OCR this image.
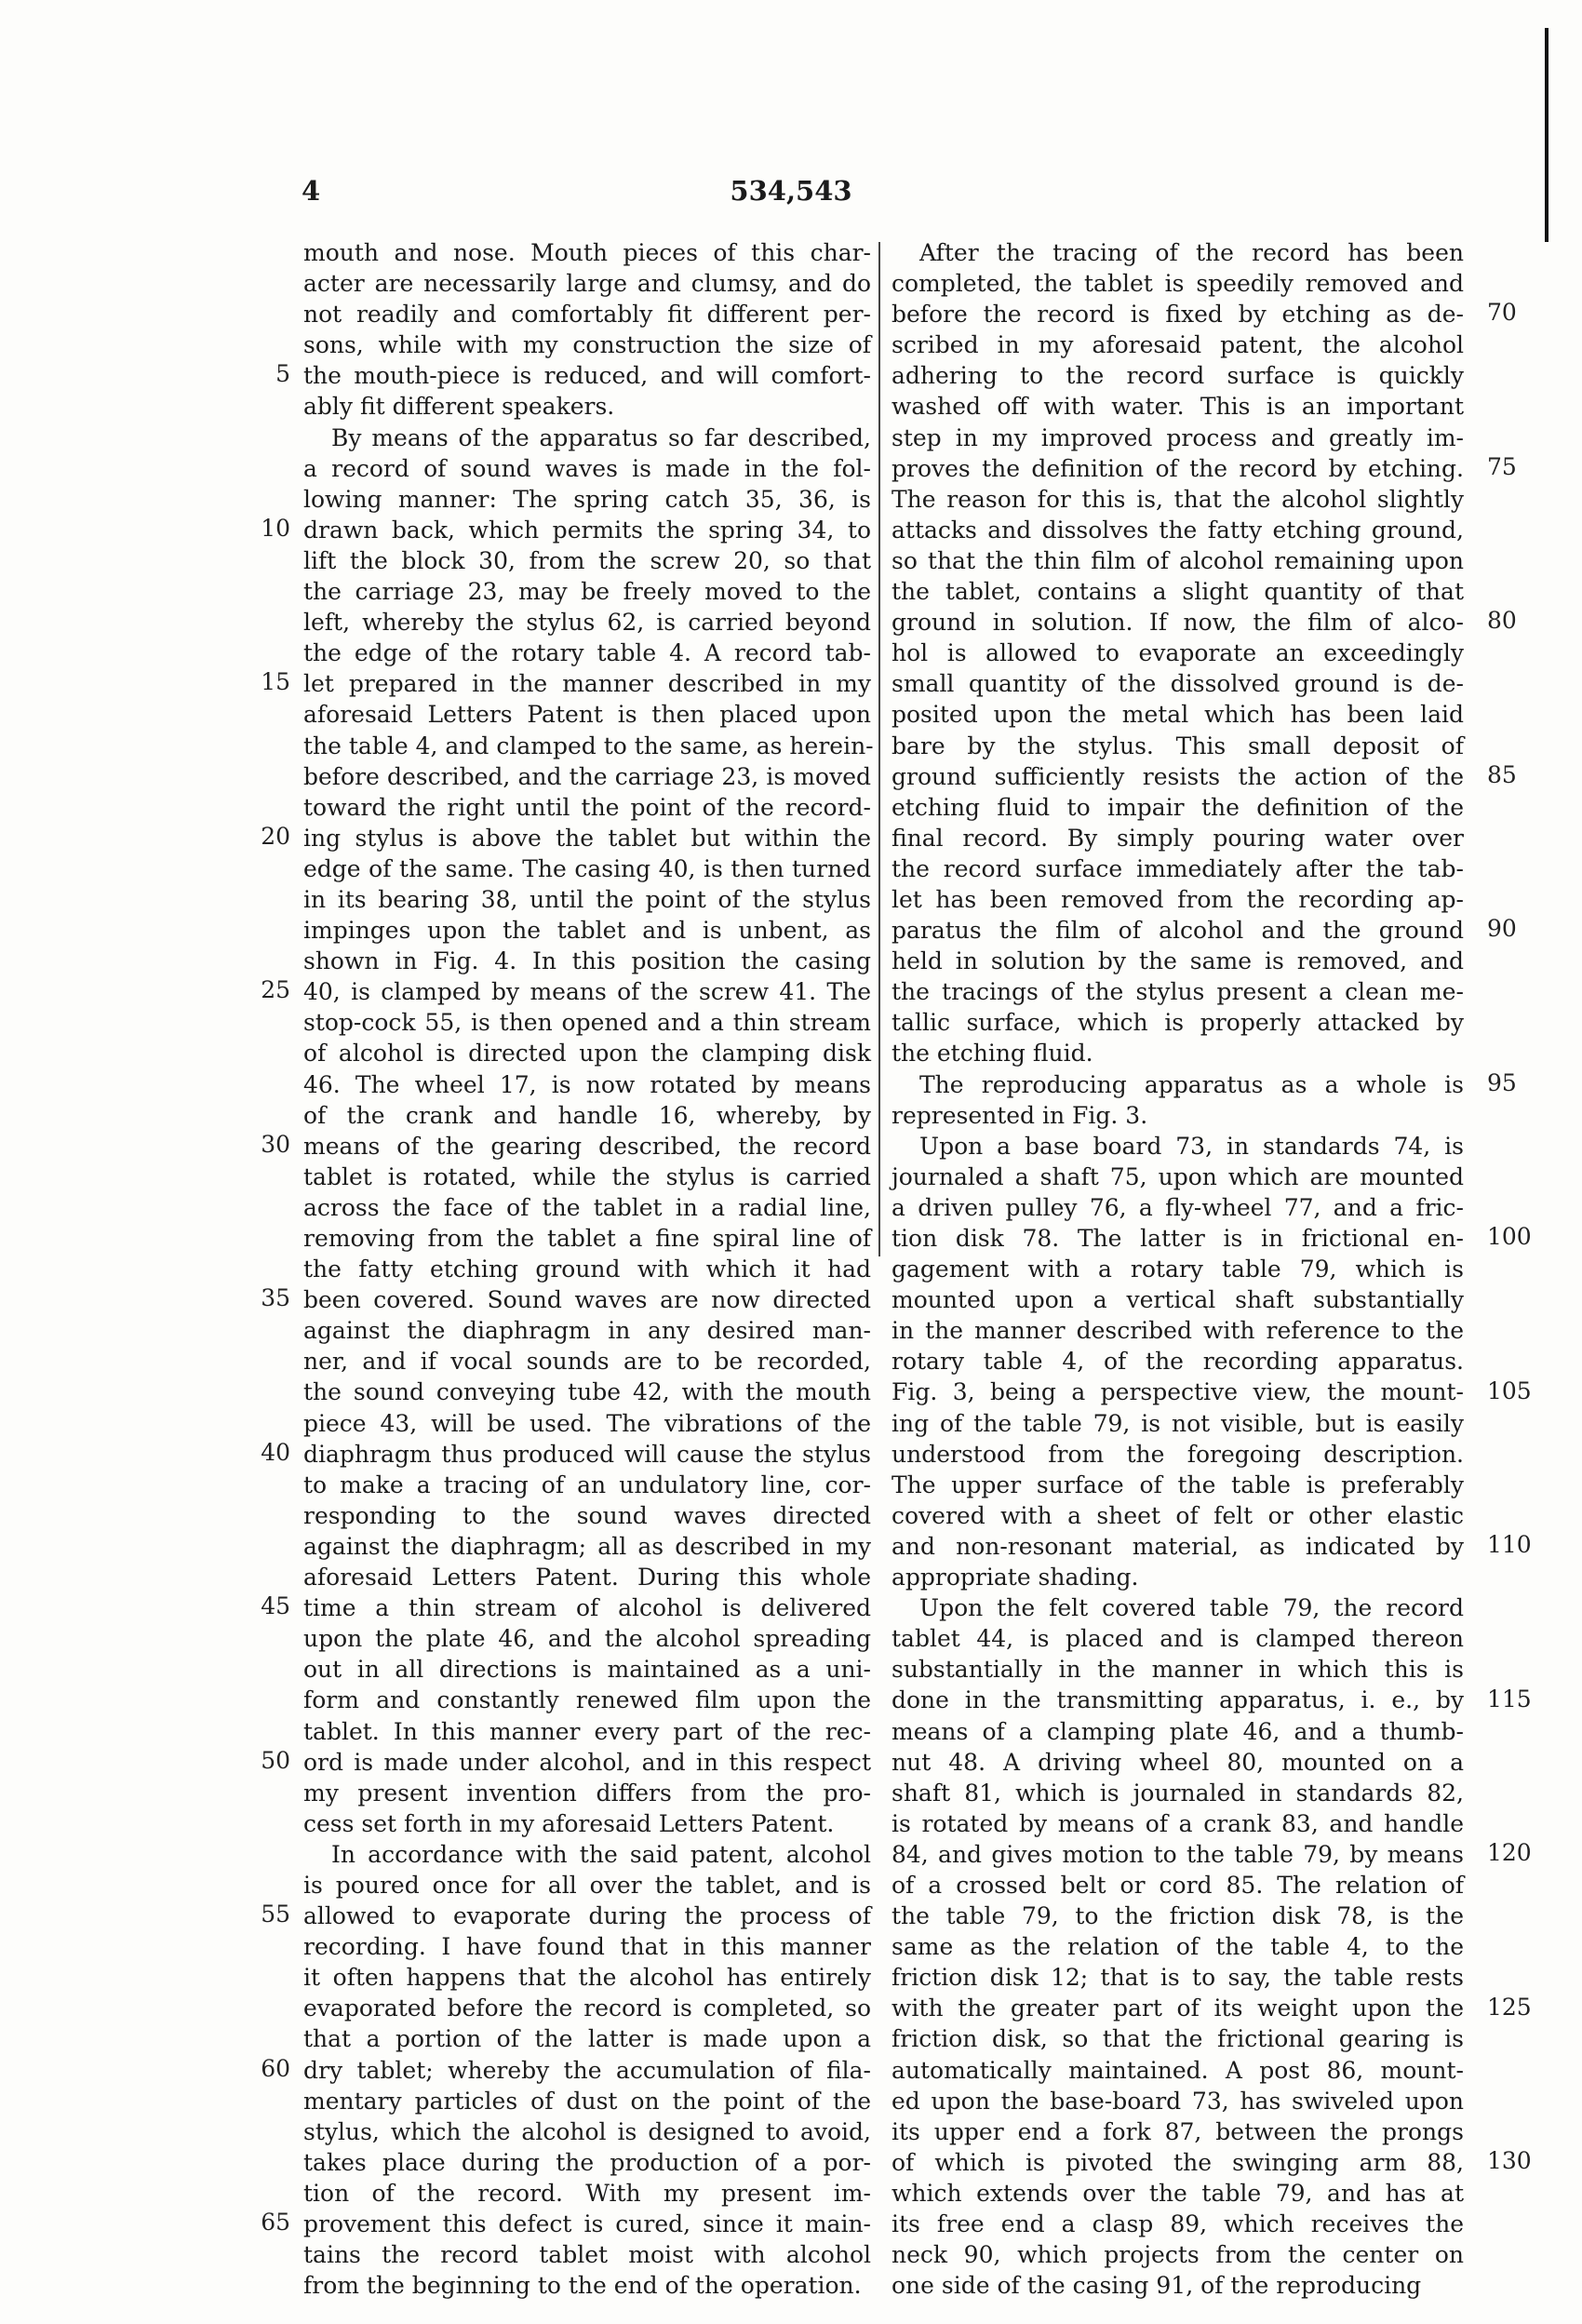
4	534,543
mouth and nose. Mouth pieces of this char-
acter are necessarily large and clumsy, and do
not readily and comfortably fit different per-
sons, while with my construction the size of
the mouth-piece is reduced, and will comfort-
ably fit different speakers.
By means of the apparatus so far described,
a record of sound waves is made in the fol-
lowing manner: The spring catch 35, 36, is
drawn back, which permits the spring 34, to
lift the block 30, from the screw 20, so that
the carriage 23, may be freely moved to the
left, whereby the stylus 62, is carried beyond
the edge of the rotary table 4. A record tab-
let prepared in the manner described in my
aforesaid Letters Patent is then placed upon
the table 4, and clamped to the same, as herein-
before described, and the carriage 23, is moved
toward the right until the point of the record-
ing stylus is above the tablet but within the
edge of the same. The casing 40, is then turned
in its bearing 38, until the point of the stylus
impinges upon the tablet and is unbent, as
shown in Fig. 4. In this position the casing
40, is clamped by means of the screw 41. The
stop-cock 55, is then opened and a thin stream
of alcohol is directed upon the clamping disk
46. The wheel 17, is now rotated by means
of the crank and handle 16, whereby, by
means of the gearing described, the record
tablet is rotated, while the stylus is carried
across the face of the tablet in a radial line,
removing from the tablet a fine spiral line of
the fatty etching ground with which it had
been covered. Sound waves are now directed
against the diaphragm in any desired man-
ner, and if vocal sounds are to be recorded,
the sound conveying tube 42, with the mouth
piece 43, will be used. The vibrations of the
diaphragm thus produced will cause the stylus
to make a tracing of an undulatory line, cor-
responding to the sound waves directed
against the diaphragm; all as described in my
aforesaid Letters Patent. During this whole
time a thin stream of alcohol is delivered
upon the plate 46, and the alcohol spreading
out in all directions is maintained as a uni-
form and constantly renewed film upon the
tablet. In this manner every part of the rec-
ord is made under alcohol, and in this respect
my present invention differs from the pro-
cess set forth in my aforesaid Letters Patent.
In accordance with the said patent, alcohol
is poured once for all over the tablet, and is
allowed to evaporate during the process of
recording. I have found that in this manner
it often happens that the alcohol has entirely
evaporated before the record is completed, so
that a portion of the latter is made upon a
dry tablet; whereby the accumulation of fila-
mentary particles of dust on the point of the
stylus, which the alcohol is designed to avoid,
takes place during the production of a por-
tion of the record. With my present im-
provement this defect is cured, since it main-
tains the record tablet moist with alcohol
from the beginning to the end of the operation.
After the tracing of the record has been
completed, the tablet is speedily removed and
before the record is fixed by etching as de-
scribed in my aforesaid patent, the alcohol
adhering to the record surface is quickly
washed off with water. This is an important
step in my improved process and greatly im-
proves the definition of the record by etching.
The reason for this is, that the alcohol slightly
attacks and dissolves the fatty etching ground,
so that the thin film of alcohol remaining upon
the tablet, contains a slight quantity of that
ground in solution. If now, the film of alco-
hol is allowed to evaporate an exceedingly
small quantity of the dissolved ground is de-
posited upon the metal which has been laid
bare by the stylus. This small deposit of
ground sufficiently resists the action of the
etching fluid to impair the definition of the
final record. By simply pouring water over
the record surface immediately after the tab-
let has been removed from the recording ap-
paratus the film of alcohol and the ground
held in solution by the same is removed, and
the tracings of the stylus present a clean me-
tallic surface, which is properly attacked by
the etching fluid.
The reproducing apparatus as a whole is
represented in Fig. 3.
Upon a base board 73, in standards 74, is
journaled a shaft 75, upon which are mounted
a driven pulley 76, a fly-wheel 77, and a fric-
tion disk 78. The latter is in frictional en-
gagement with a rotary table 79, which is
mounted upon a vertical shaft substantially
in the manner described with reference to the
rotary table 4, of the recording apparatus.
Fig. 3, being a perspective view, the mount-
ing of the table 79, is not visible, but is easily
understood from the foregoing description.
The upper surface of the table is preferably
covered with a sheet of felt or other elastic
and non-resonant material, as indicated by
appropriate shading.
Upon the felt covered table 79, the record
tablet 44, is placed and is clamped thereon
substantially in the manner in which this is
done in the transmitting apparatus, i. e., by
means of a clamping plate 46, and a thumb-
nut 48. A driving wheel 80, mounted on a
shaft 81, which is journaled in standards 82,
is rotated by means of a crank 83, and handle
84, and gives motion to the table 79, by means
of a crossed belt or cord 85. The relation of
the table 79, to the friction disk 78, is the
same as the relation of the table 4, to the
friction disk 12; that is to say, the table rests
with the greater part of its weight upon the
friction disk, so that the frictional gearing is
automatically maintained. A post 86, mount-
ed upon the base-board 73, has swiveled upon
its upper end a fork 87, between the prongs
of which is pivoted the swinging arm 88,
which extends over the table 79, and has at
its free end a clasp 89, which receives the
neck 90, which projects from the center on
one side of the casing 91, of the reproducing
5
10
15
20
25
30
35
40
45
50
55
60
65
70
75
80
85
90
95
100
105
110
115
120
125
130
